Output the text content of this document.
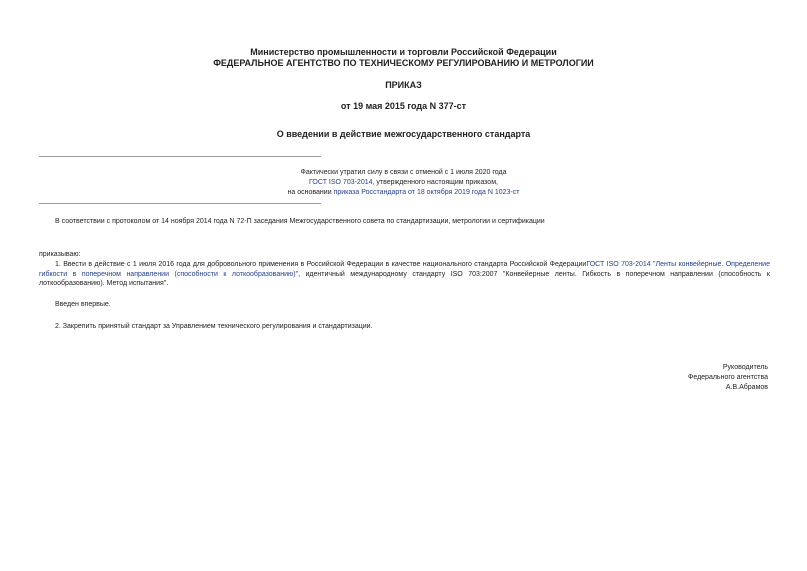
Министерство промышленности и торговли Российской Федерации
ФЕДЕРАЛЬНОЕ АГЕНТСТВО ПО ТЕХНИЧЕСКОМУ РЕГУЛИРОВАНИЮ И МЕТРОЛОГИИ
ПРИКАЗ
от 19 мая 2015 года N 377-ст
О введении в действие межгосударственного стандарта
Фактически утратил силу в связи с отменой с 1 июля 2020 года
ГОСТ ISO 703-2014, утвержденного настоящим приказом,
на основании приказа Росстандарта от 18 октября 2019 года N 1023-ст
В соответствии с протоколом от 14 ноября 2014 года N 72-П заседания Межгосударственного совета по стандартизации, метрологии и сертификации
приказываю:
1. Ввести в действие с 1 июля 2016 года для добровольного применения в Российской Федерации в качестве национального стандарта Российской ФедерацииГОСТ ISO 703-2014 "Ленты конвейерные. Определение гибкости в поперечном направлении (способности к лоткообразованию)", идентичный международному стандарту ISO 703:2007 "Конвейерные ленты. Гибкость в поперечном направлении (способность к лоткообразованию). Метод испытания".
Введен впервые.
2. Закрепить принятый стандарт за Управлением технического регулирования и стандартизации.
Руководитель
Федерального агентства
А.В.Абрамов
